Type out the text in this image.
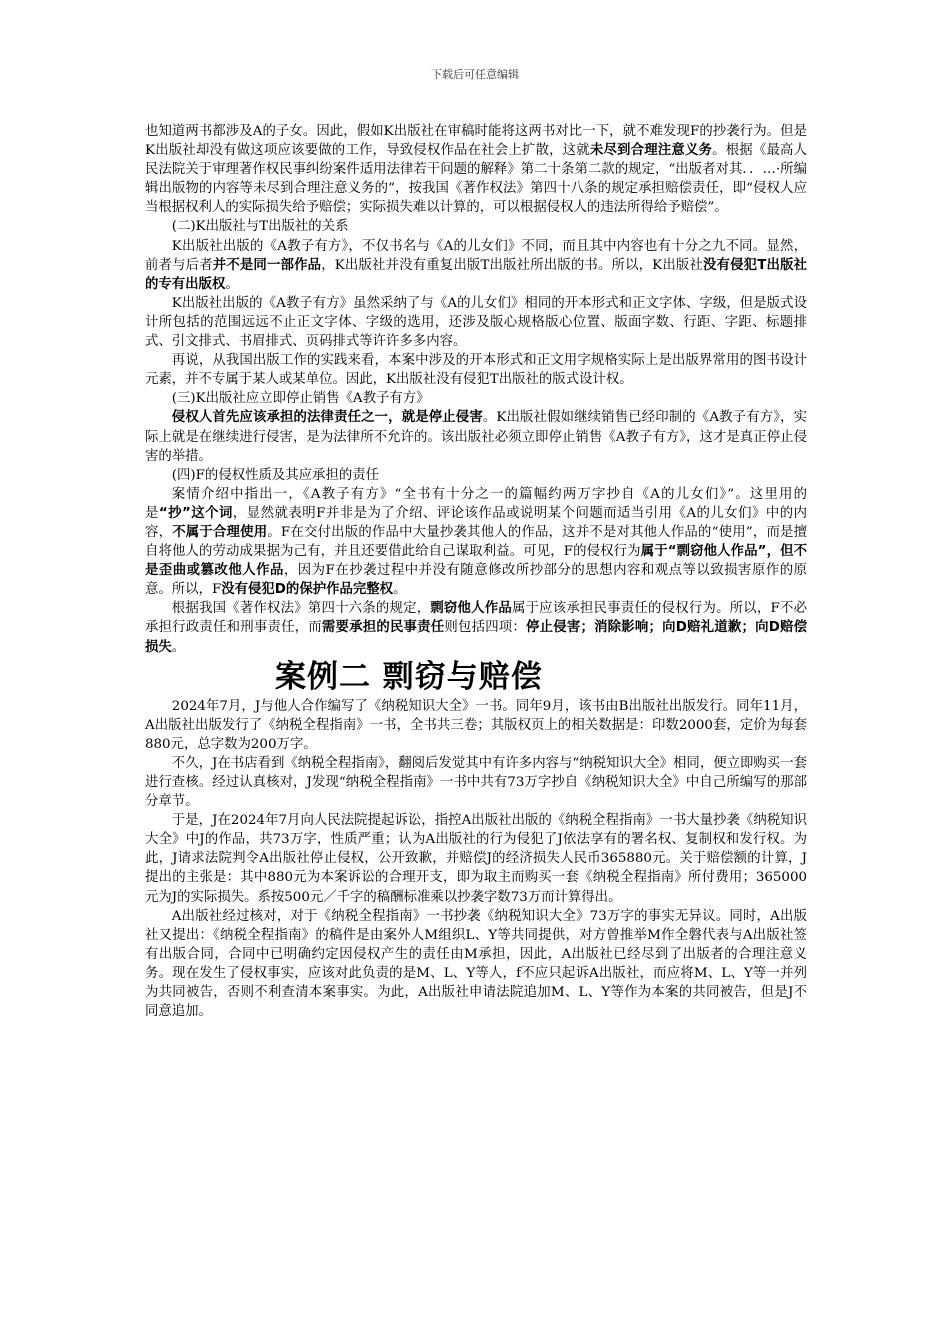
下载后可任意编辑

也知道两书都涉及A的子女。因此，假如K出版社在审稿时能将这两书对比一下，就不难发现F的抄袭行为。但是K出版社却没有做这项应该要做的工作，导致侵权作品在社会上扩散，这就未尽到合理注意义务。根据《最高人民法院关于审理著作权民事纠纷案件适用法律若干问题的解释》第二十条第二款的规定，“出版者对其．．…·所编辑出版物的内容等未尽到合理注意义务的”，按我国《著作权法》第四十八条的规定承担赔偿责任，即“侵权人应当根据权利人的实际损失给予赔偿；实际损失难以计算的，可以根据侵权人的违法所得给予赔偿”。

(二)K出版社与T出版社的关系

K出版社出版的《A教子有方》，不仅书名与《A的儿女们》不同，而且其中内容也有十分之九不同。显然，前者与后者并不是同一部作品，K出版社并没有重复出版T出版社所出版的书。所以，K出版社没有侵犯T出版社的专有出版权。

K出版社出版的《A教子有方》虽然采纳了与《A的儿女们》相同的开本形式和正文字体、字级，但是版式设计所包括的范围远远不止正文字体、字级的选用，还涉及版心规格版心位置、版面字数、行距、字距、标题排式、引文排式、书眉排式、页码排式等许许多多内容。

再说，从我国出版工作的实践来看，本案中涉及的开本形式和正文用字规格实际上是出版界常用的图书设计元素，并不专属于某人或某单位。因此，K出版社没有侵犯T出版社的版式设计权。

(三)K出版社应立即停止销售《A教子有方》

侵权人首先应该承担的法律责任之一，就是停止侵害。K出版社假如继续销售已经印制的《A教子有方》，实际上就是在继续进行侵害，是为法律所不允许的。该出版社必须立即停止销售《A教子有方》，这才是真正停止侵害的举措。

(四)F的侵权性质及其应承担的责任

案情介绍中指出一，《A教子有方》“全书有十分之一的篇幅约两万字抄自《A的儿女们》”。这里用的是“抄”这个词，显然就表明F并非是为了介绍、评论该作品或说明某个问题而适当引用《A的儿女们》中的内容，不属于合理使用。F在交付出版的作品中大量抄袭其他人的作品，这并不是对其他人作品的“使用”，而是擅自将他人的劳动成果据为己有，并且还要借此给自己谋取利益。可见，F的侵权行为属于“剽窃他人作品”，但不是歪曲或篡改他人作品，因为F在抄袭过程中并没有随意修改所抄部分的思想内容和观点等以致损害原作的原意。所以，F没有侵犯D的保护作品完整权。

根据我国《著作权法》第四十六条的规定，剽窃他人作品属于应该承担民事责任的侵权行为。所以，F不必承担行政责任和刑事责任，而需要承担的民事责任则包括四项：停止侵害；消除影响；向D赔礼道歉；向D赔偿损失。

案例二 剽窃与赔偿

2024年7月，J与他人合作编写了《纳税知识大全》一书。同年9月，该书由B出版社出版发行。同年11月，A出版社出版发行了《纳税全程指南》一书，全书共三卷；其版权页上的相关数据是：印数2000套，定价为每套880元，总字数为200万字。

不久，J在书店看到《纳税全程指南》，翻阅后发觉其中有许多内容与“纳税知识大全》相同，便立即购买一套进行查核。经过认真核对，J发现“纳税全程指南》一书中共有73万字抄自《纳税知识大全》中自己所编写的那部分章节。

于是，J在2024年7月向人民法院提起诉讼，指控A出版社出版的《纳税全程指南》一书大量抄袭《纳税知识大全》中J的作品，共73万字，性质严重；认为A出版社的行为侵犯了J依法享有的署名权、复制权和发行权。为此，J请求法院判令A出版社停止侵权，公开致歉，并赔偿J的经济损失人民币365880元。关于赔偿额的计算，J提出的主张是：其中880元为本案诉讼的合理开支，即为取主而购买一套《纳税全程指南》所付费用；365000元为J的实际损失。系按500元／千字的稿酬标准乘以抄袭字数73万而计算得出。

A出版社经过核对，对于《纳税全程指南》一书抄袭《纳税知识大全》73万字的事实无异议。同时，A出版社又提出：《纳税全程指南》的稿件是由案外人M组织L、Y等共同提供，对方曾推举M作全磐代表与A出版社签有出版合同，合同中已明确约定因侵权产生的责任由M承担，因此，A出版社已经尽到了出版者的合理注意义务。现在发生了侵权事实，应该对此负责的是M、L、Y等人，f不应只起诉A出版社，而应将M、L、Y等一并列为共同被告，否则不利查清本案事实。为此，A出版社申请法院追加M、L、Y等作为本案的共同被告，但是J不同意追加。
